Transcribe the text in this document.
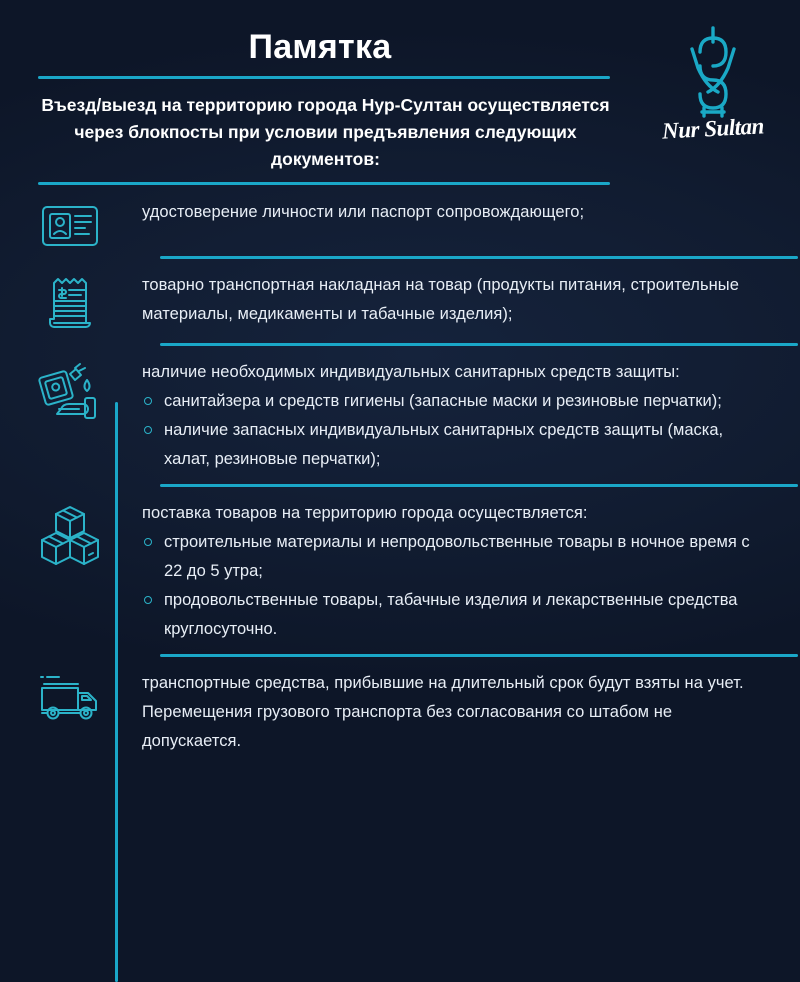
Памятка
Въезд/выезд на территорию города Нур-Султан осуществляется через блокпосты при условии предъявления следующих документов:
Nur Sultan
удостоверение личности или паспорт сопровождающего;
товарно транспортная накладная на товар (продукты питания, строительные материалы, медикаменты и табачные изделия);
наличие необходимых индивидуальных санитарных средств защиты:
санитайзера и средств гигиены (запасные маски и резиновые перчатки);
наличие запасных индивидуальных санитарных средств защиты (маска, халат, резиновые перчатки);
поставка товаров на территорию города осуществляется:
строительные материалы и непродовольственные товары в ночное время с 22 до 5 утра;
продовольственные товары, табачные изделия и лекарственные средства круглосуточно.
транспортные средства, прибывшие на длительный срок будут взяты на учет. Перемещения грузового транспорта без согласования со штабом не допускается.
